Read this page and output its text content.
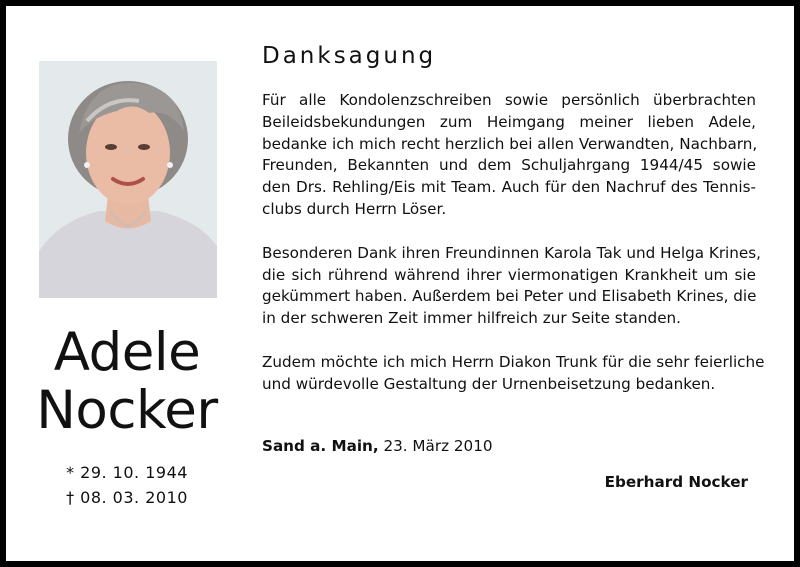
Adele
Nocker
* 29. 10. 1944
† 08. 03. 2010
Danksagung
Für alle Kondolenzschreiben sowie persönlich überbrachten
Beileidsbekundungen zum Heimgang meiner lieben Adele,
bedanke ich mich recht herzlich bei allen Verwandten, Nachbarn,
Freunden, Bekannten und dem Schuljahrgang 1944/45 sowie
den Drs. Rehling/Eis mit Team. Auch für den Nachruf des Tennis-
clubs durch Herrn Löser.
Besonderen Dank ihren Freundinnen Karola Tak und Helga Krines,
die sich rührend während ihrer viermonatigen Krankheit um sie
gekümmert haben. Außerdem bei Peter und Elisabeth Krines, die
in der schweren Zeit immer hilfreich zur Seite standen.
Zudem möchte ich mich Herrn Diakon Trunk für die sehr feierliche
und würdevolle Gestaltung der Urnenbeisetzung bedanken.
Sand a. Main, 23. März 2010
Eberhard Nocker
